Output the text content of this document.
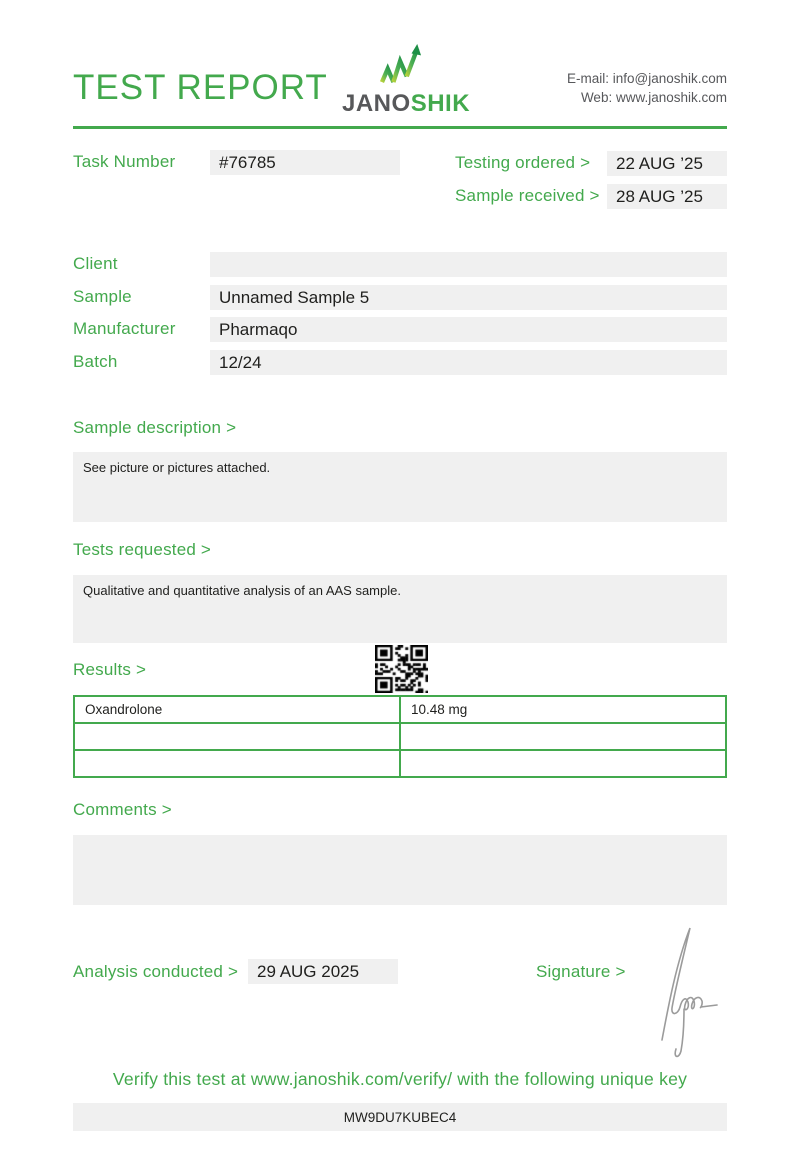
TEST REPORT JANOSHIK
E-mail: info@janoshik.com
Web: www.janoshik.com
Task Number	#76785	Testing ordered >	22 AUG ’25
Sample received > 28 AUG ’25
Client
Sample	Unnamed Sample 5
Manufacturer	Pharmaqo
Batch	12/24
Sample description >
See picture or pictures attached.
Tests requested >
Qualitative and quantitative analysis of an AAS sample.
Results >
Oxandrolone	10.48 mg

Comments >
Analysis conducted >	29 AUG 2025	Signature >
Verify this test at www.janoshik.com/verify/ with the following unique key
MW9DU7KUBEC4
